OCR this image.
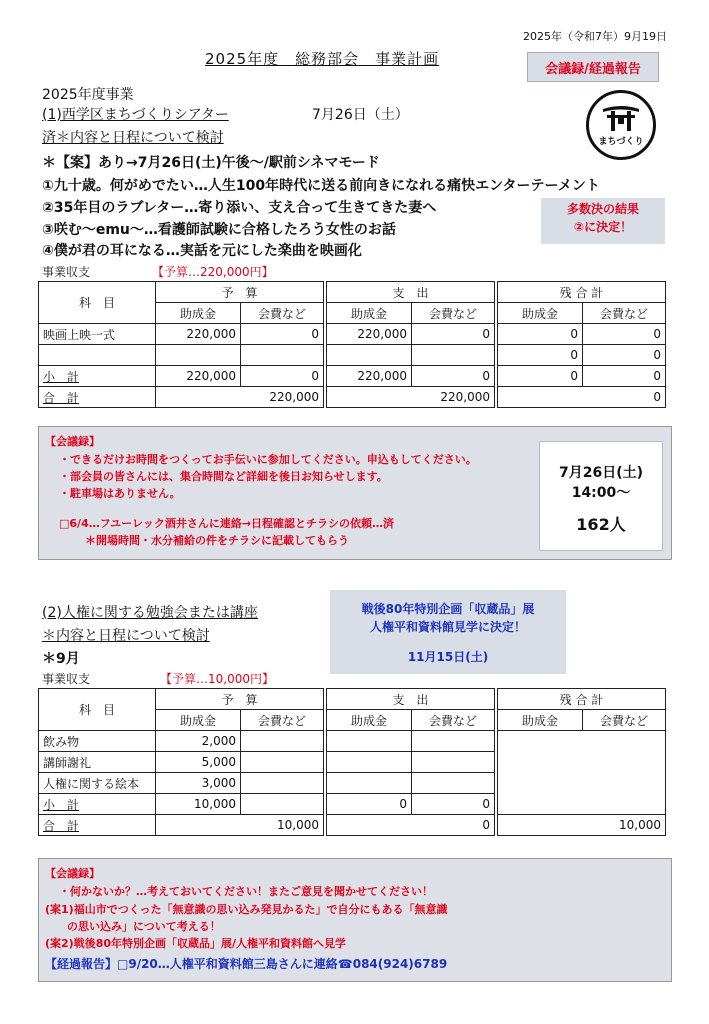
2025年（令和7年）9月19日
2025年度　総務部会　事業計画
会議録/経過報告
まちづくり
2025年度事業
(1)西学区まちづくりシアター	7月26日（土）
済＊内容と日程について検討
＊【案】あり→7月26日(土)午後〜/駅前シネマモード
①九十歳。何がめでたい…人生100年時代に送る前向きになれる痛快エンターテーメント
②35年目のラブレター…寄り添い、支え合って生きてきた妻へ
③咲む〜emu〜…看護師試験に合格したろう女性のお話
④僕が君の耳になる…実話を元にした楽曲を映画化
多数決の結果
②に決定！
事業収支	【予算…220,000円】
科　目	予　算			支　出			残 合 計	
	助成金	会費など		助成金	会費など		助成金	会費など
映画上映一式	220,000	0		220,000	0		0	0
							0	0
小　計	220,000	0		220,000	0		0	0
合　計	220,000			220,000			0	
【会議録】
・できるだけお時間をつくってお手伝いに参加してください。申込もしてください。
・部会員の皆さんには、集合時間など詳細を後日お知らせします。
・駐車場はありません。
□6/4…フユーレック酒井さんに連絡→日程確認とチラシの依頼…済
＊開場時間・水分補給の件をチラシに記載してもらう
7月26日(土)
14:00〜
162人
(2)人権に関する勉強会または講座
＊内容と日程について検討
＊9月
戦後80年特別企画「収蔵品」展
人権平和資料館見学に決定！
11月15日(土)
事業収支	【予算…10,000円】
科　目	予　算			支　出			残 合 計	
	助成金	会費など		助成金	会費など		助成金	会費など
飲み物	2,000							
講師謝礼	5,000							
人権に関する絵本	3,000							
小　計	10,000			0	0			
合　計	10,000			0			10,000	
【会議録】
・何かないか？…考えておいてください！またご意見を聞かせてください！
(案1)福山市でつくった「無意識の思い込み発見かるた」で自分にもある「無意識
　　の思い込み」について考える！
(案2)戦後80年特別企画「収蔵品」展/人権平和資料館へ見学
【経過報告】□9/20…人権平和資料館三島さんに連絡☎084(924)6789
